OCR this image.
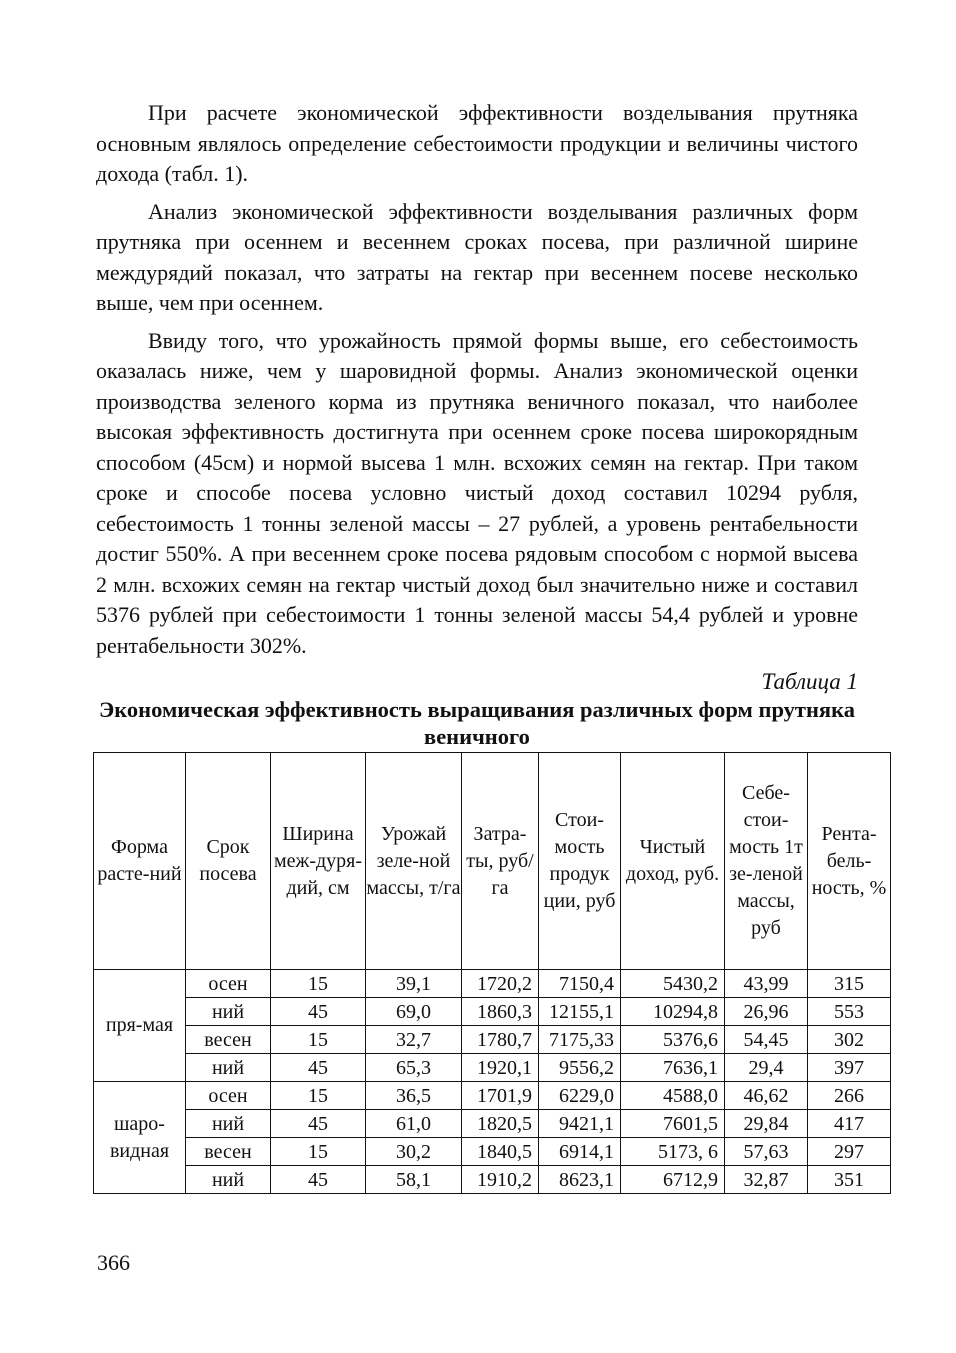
При расчете экономической эффективности возделывания прутняка основным являлось определение себестоимости продукции и величины чистого дохода (табл. 1).

Анализ экономической эффективности возделывания различных форм прутняка при осеннем и весеннем сроках посева, при различной ширине междурядий показал, что затраты на гектар при весеннем посеве несколько выше, чем при осеннем.

Ввиду того, что урожайность прямой формы выше, его себестоимость оказалась ниже, чем у шаровидной формы. Анализ экономической оценки производства зеленого корма из прутняка веничного показал, что наиболее высокая эффективность достигнута при осеннем сроке посева широкорядным способом (45см) и нормой высева 1 млн. всхожих семян на гектар. При таком сроке и способе посева условно чистый доход составил 10294 рубля, себестоимость 1 тонны зеленой массы – 27 рублей, а уровень рентабельности достиг 550%. А при весеннем сроке посева рядовым способом с нормой высева 2 млн. всхожих семян на гектар чистый доход был значительно ниже и составил 5376 рублей при себестоимости 1 тонны зеленой массы 54,4 рублей и уровне рентабельности 302%.

Таблица 1

Экономическая эффективность выращивания различных форм прутняка веничного

Форма расте-ний	Срок посева	Ширина меж-дуря-дий, см	Урожай зеле-ной массы, т/га	Затра-ты, руб/га	Стои-мость продук ции, руб	Чистый доход, руб.	Себе-стои-мость 1т зе-леной массы, руб	Рента-бель-ность, %
пря-мая	осен	15	39,1	1720,2	7150,4	5430,2	43,99	315
	ний	45	69,0	1860,3	12155,1	10294,8	26,96	553
	весен	15	32,7	1780,7	7175,33	5376,6	54,45	302
	ний	45	65,3	1920,1	9556,2	7636,1	29,4	397
шаро-видная	осен	15	36,5	1701,9	6229,0	4588,0	46,62	266
	ний	45	61,0	1820,5	9421,1	7601,5	29,84	417
	весен	15	30,2	1840,5	6914,1	5173, 6	57,63	297
	ний	45	58,1	1910,2	8623,1	6712,9	32,87	351
366
